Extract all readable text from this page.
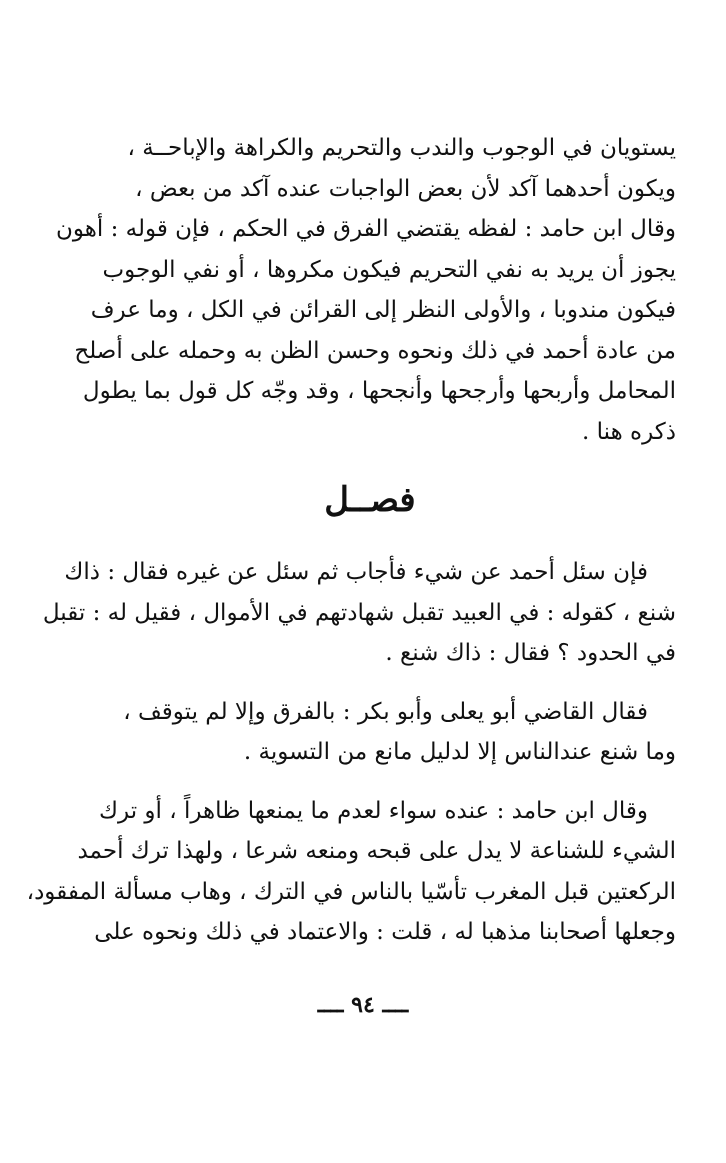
يستويان في الوجوب والندب والتحريم والكراهة والإباحــة ،
ويكون أحدهما آكد لأن بعض الواجبات عنده آكد من بعض ،
وقال ابن حامد : لفظه يقتضي الفرق في الحكم ، فإن قوله : أهون
يجوز أن يريد به نفي التحريم فيكون مكروها ، أو نفي الوجوب
فيكون مندوبا ، والأولى النظر إلى القرائن في الكل ، وما عرف
من عادة أحمد في ذلك ونحوه وحسن الظن به وحمله على أصلح
المحامل وأربحها وأرجحها وأنجحها ، وقد وجّه كل قول بما يطول
ذكره هنا .

فصــل

فإن سئل أحمد عن شيء فأجاب ثم سئل عن غيره فقال : ذاك
شنع ، كقوله : في العبيد تقبل شهادتهم في الأموال ، فقيل له : تقبل
في الحدود ؟ فقال : ذاك شنع .

فقال القاضي أبو يعلى وأبو بكر : بالفرق وإلا لم يتوقف ،
وما شنع عندالناس إلا لدليل مانع من التسوية .

وقال ابن حامد : عنده سواء لعدم ما يمنعها ظاهراً ، أو ترك
الشيء للشناعة لا يدل على قبحه ومنعه شرعا ، ولهذا ترك أحمد
الركعتين قبل المغرب تأسّيا بالناس في الترك ، وهاب مسألة المفقود،
وجعلها أصحابنا مذهبا له ، قلت : والاعتماد في ذلك ونحوه على

ــــ ٩٤ ــــ
